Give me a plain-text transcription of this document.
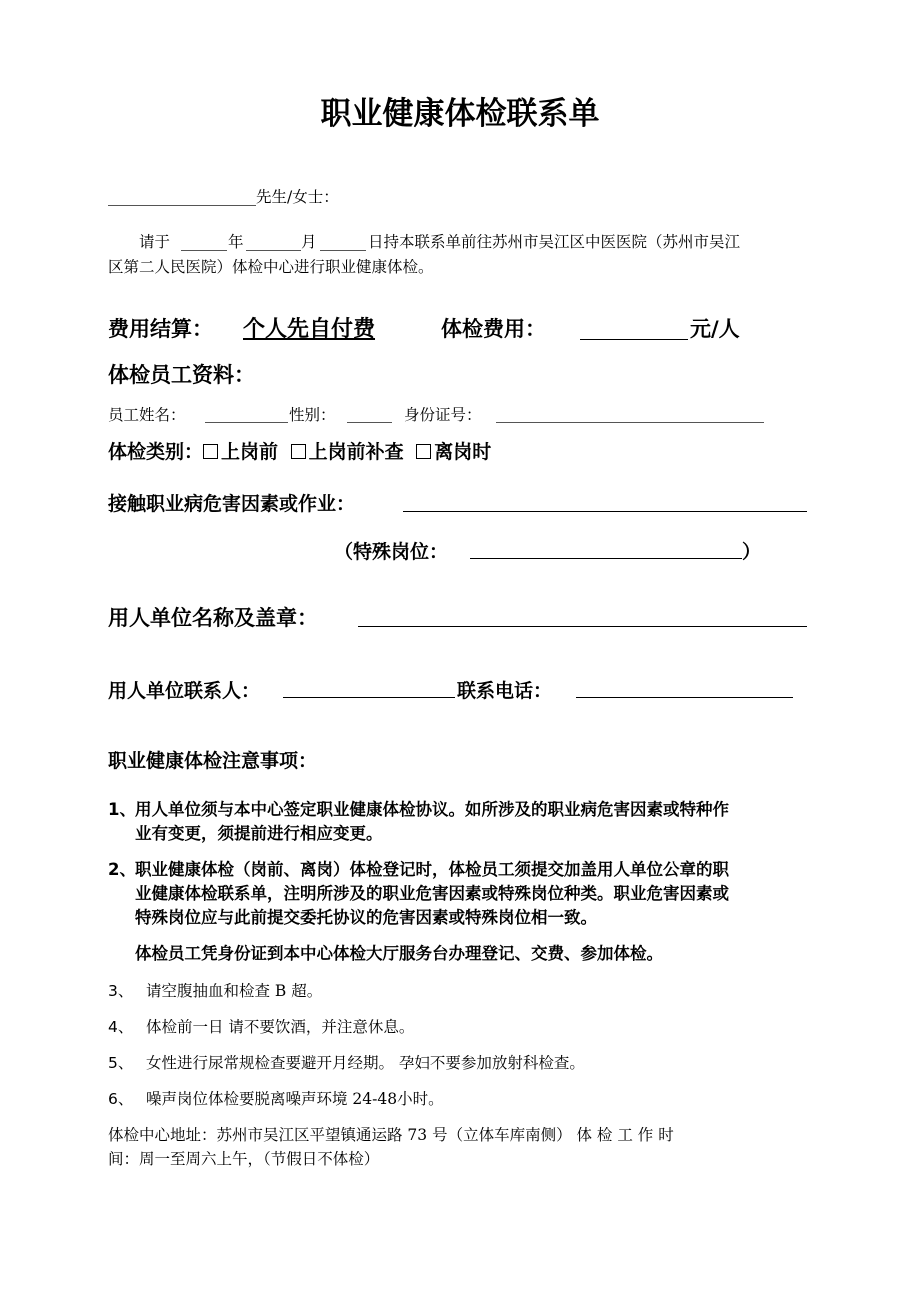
职业健康体检联系单
先生/女士：
请于	年	月	日持本联系单前往苏州市吴江区中医医院（苏州市吴江
区第二人民医院）体检中心进行职业健康体检。
费用结算： 个人先自付费	体检费用：	元/人
体检员工资料：
员工姓名：	性别：	身份证号：
体检类别： 上岗前 上岗前补查 离岗时
接触职业病危害因素或作业：
（特殊岗位：	）
用人单位名称及盖章：
用人单位联系人：	联系电话：
职业健康体检注意事项：
1、 用人单位须与本中心签定职业健康体检协议。如所涉及的职业病危害因素或特种作
业有变更，须提前进行相应变更。
2、 职业健康体检（岗前、离岗）体检登记时，体检员工须提交加盖用人单位公章的职
业健康体检联系单，注明所涉及的职业危害因素或特殊岗位种类。职业危害因素或
特殊岗位应与此前提交委托协议的危害因素或特殊岗位相一致。
体检员工凭身份证到本中心体检大厅服务台办理登记、交费、参加体检。
3、 请空腹抽血和检查 B 超。
4、 体检前一日 请不要饮酒，并注意休息。
5、 女性进行尿常规检查要避开月经期。 孕妇不要参加放射科检查。
6、 噪声岗位体检要脱离噪声环境 24-48小时。
体检中心地址：苏州市吴江区平望镇通运路 73 号（立体车库南侧） 体 检 工 作 时
间：周一至周六上午，（节假日不体检）
